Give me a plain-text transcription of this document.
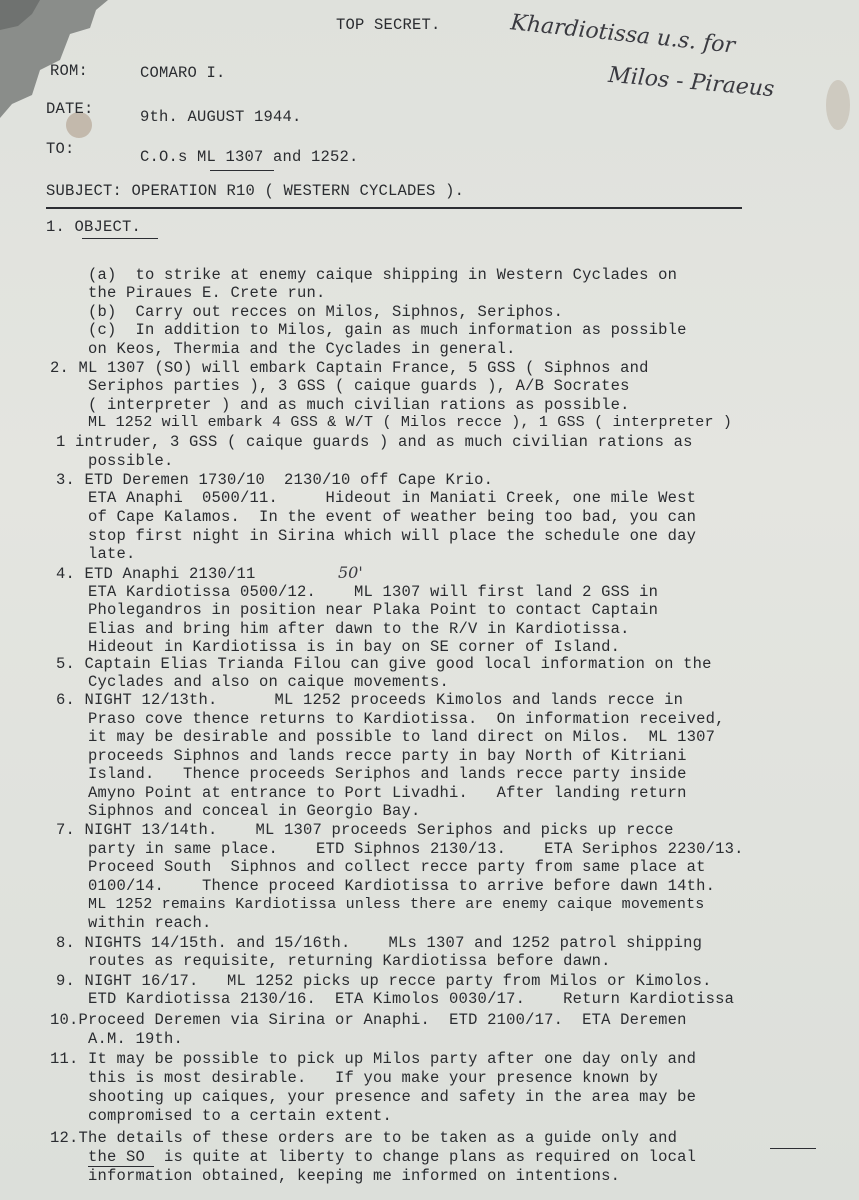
TOP SECRET.	Khardiotissa u.s. for
Milos - Piraeus
ROM:	COMARO I.
DATE:	9th. AUGUST 1944.
TO:	C.O.s ML 1307 and 1252.
SUBJECT: OPERATION R10 ( WESTERN CYCLADES ).
1. OBJECT.
(a)  to strike at enemy caique shipping in Western Cyclades on
the Piraues E. Crete run.
(b)  Carry out recces on Milos, Siphnos, Seriphos.
(c)  In addition to Milos, gain as much information as possible
on Keos, Thermia and the Cyclades in general.
2. ML 1307 (SO) will embark Captain France, 5 GSS ( Siphnos and
Seriphos parties ), 3 GSS ( caique guards ), A/B Socrates
( interpreter ) and as much civilian rations as possible.
ML 1252 will embark 4 GSS & W/T ( Milos recce ), 1 GSS ( interpreter )
1 intruder, 3 GSS ( caique guards ) and as much civilian rations as
possible.
3. ETD Deremen 1730/10  2130/10 off Cape Krio.
ETA Anaphi  0500/11.     Hideout in Maniati Creek, one mile West
of Cape Kalamos.  In the event of weather being too bad, you can
stop first night in Sirina which will place the schedule one day
late.
4. ETD Anaphi 2130/11	50'
ETA Kardiotissa 0500/12.    ML 1307 will first land 2 GSS in
Pholegandros in position near Plaka Point to contact Captain
Elias and bring him after dawn to the R/V in Kardiotissa.
Hideout in Kardiotissa is in bay on SE corner of Island.
5. Captain Elias Trianda Filou can give good local information on the
Cyclades and also on caique movements.
6. NIGHT 12/13th.      ML 1252 proceeds Kimolos and lands recce in
Praso cove thence returns to Kardiotissa.  On information received,
it may be desirable and possible to land direct on Milos.  ML 1307
proceeds Siphnos and lands recce party in bay North of Kitriani
Island.   Thence proceeds Seriphos and lands recce party inside
Amyno Point at entrance to Port Livadhi.   After landing return
Siphnos and conceal in Georgio Bay.
7. NIGHT 13/14th.    ML 1307 proceeds Seriphos and picks up recce
party in same place.    ETD Siphnos 2130/13.    ETA Seriphos 2230/13.
Proceed South  Siphnos and collect recce party from same place at
0100/14.    Thence proceed Kardiotissa to arrive before dawn 14th.
ML 1252 remains Kardiotissa unless there are enemy caique movements
within reach.
8. NIGHTS 14/15th. and 15/16th.    MLs 1307 and 1252 patrol shipping
routes as requisite, returning Kardiotissa before dawn.
9. NIGHT 16/17.   ML 1252 picks up recce party from Milos or Kimolos.
ETD Kardiotissa 2130/16.  ETA Kimolos 0030/17.    Return Kardiotissa
10.Proceed Deremen via Sirina or Anaphi.  ETD 2100/17.  ETA Deremen
A.M. 19th.
11. It may be possible to pick up Milos party after one day only and
this is most desirable.   If you make your presence known by
shooting up caiques, your presence and safety in the area may be
compromised to a certain extent.
12.The details of these orders are to be taken as a guide only and
the SO  is quite at liberty to change plans as required on local
information obtained, keeping me informed on intentions.
